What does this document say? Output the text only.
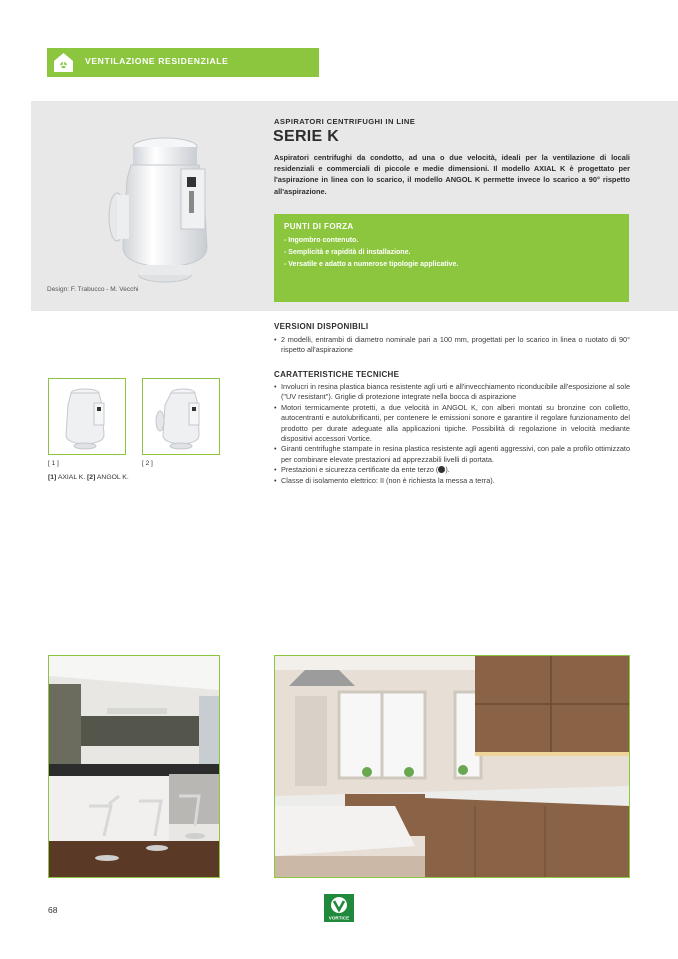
VENTILAZIONE RESIDENZIALE
Design: F. Trabucco - M. Vecchi
ASPIRATORI CENTRIFUGHI IN LINE
SERIE K
Aspiratori centrifughi da condotto, ad una o due velocità, ideali per la ventilazione di locali residenziali e commerciali di piccole e medie dimensioni. Il modello AXIAL K è progettato per l'aspirazione in linea con lo scarico, il modello ANGOL K permette invece lo scarico a 90° rispetto all'aspirazione.
PUNTI DI FORZA
- Ingombro contenuto.
- Semplicità e rapidità di installazione.
- Versatile e adatto a numerose tipologie applicative.
VERSIONI DISPONIBILI
• 2 modelli, entrambi di diametro nominale pari a 100 mm, progettati per lo scarico in linea o ruotato di 90° rispetto all'aspirazione
CARATTERISTICHE TECNICHE
• Involucri in resina plastica bianca resistente agli urti e all'invecchiamento riconducibile all'esposizione al sole ("UV resistant"). Griglie di protezione integrate nella bocca di aspirazione
• Motori termicamente protetti, a due velocità in ANGOL K, con alberi montati su bronzine con colletto, autocentranti e autolubrificanti, per contenere le emissioni sonore e garantire il regolare funzionamento del prodotto per durate adeguate alla applicazioni tipiche. Possibilità di regolazione in velocità mediante dispositivi accessori Vortice.
• Giranti centrifughe stampate in resina plastica resistente agli agenti aggressivi, con pale a profilo ottimizzato per combinare elevate prestazioni ad apprezzabili livelli di portata.
• Prestazioni e sicurezza certificate da ente terzo ( ).
• Classe di isolamento elettrico: II (non è richiesta la messa a terra).
[ 1 ]	[ 2 ]
[1] AXIAL K. [2] ANGOL K.
68
VORTICE
